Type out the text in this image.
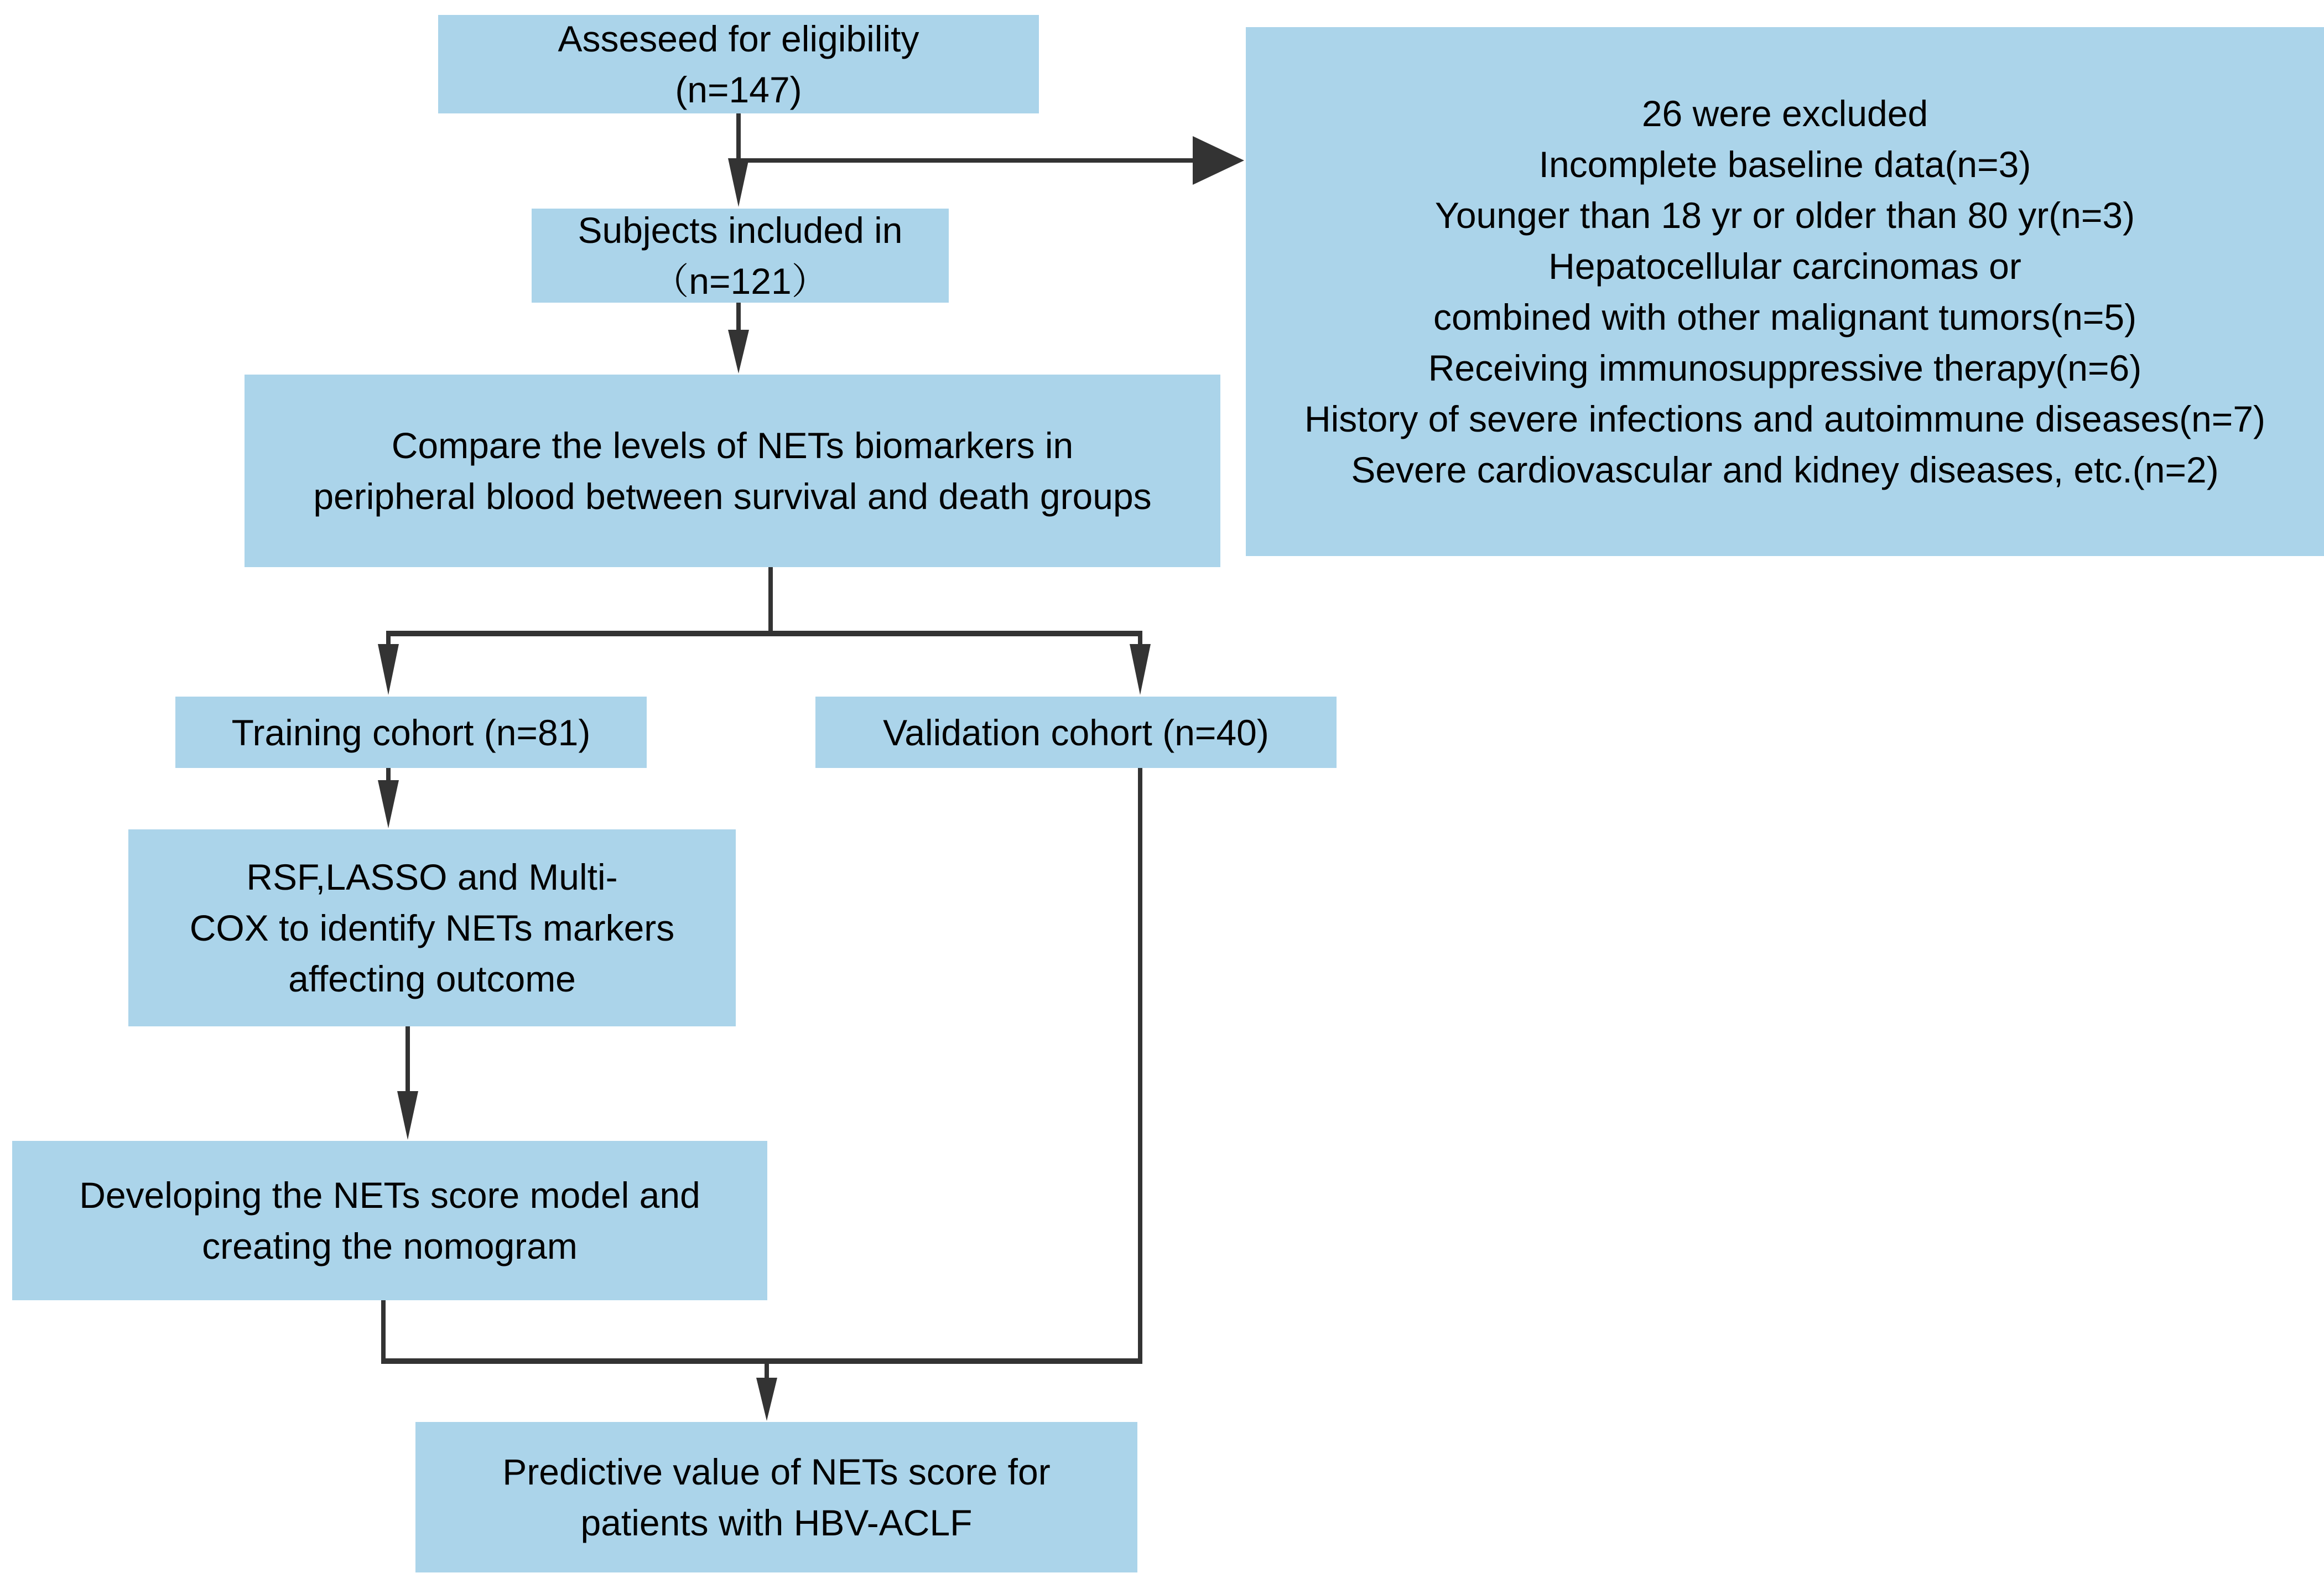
Asseseed for eligibility
(n=147)
26 were excluded
Incomplete baseline data(n=3)
Younger than 18 yr or older than 80 yr(n=3)
Hepatocellular carcinomas or
combined with other malignant tumors(n=5)
Receiving immunosuppressive therapy(n=6)
History of severe infections and autoimmune diseases(n=7)
Severe cardiovascular and kidney diseases, etc.(n=2)
Subjects included in
（n=121）
Compare the levels of NETs biomarkers in
peripheral blood between survival and death groups
Training cohort (n=81)	Validation cohort (n=40)
RSF,LASSO and Multi-
COX to identify NETs markers
affecting outcome
Developing the NETs score model and
creating the nomogram
Predictive value of NETs score for
patients with HBV-ACLF
